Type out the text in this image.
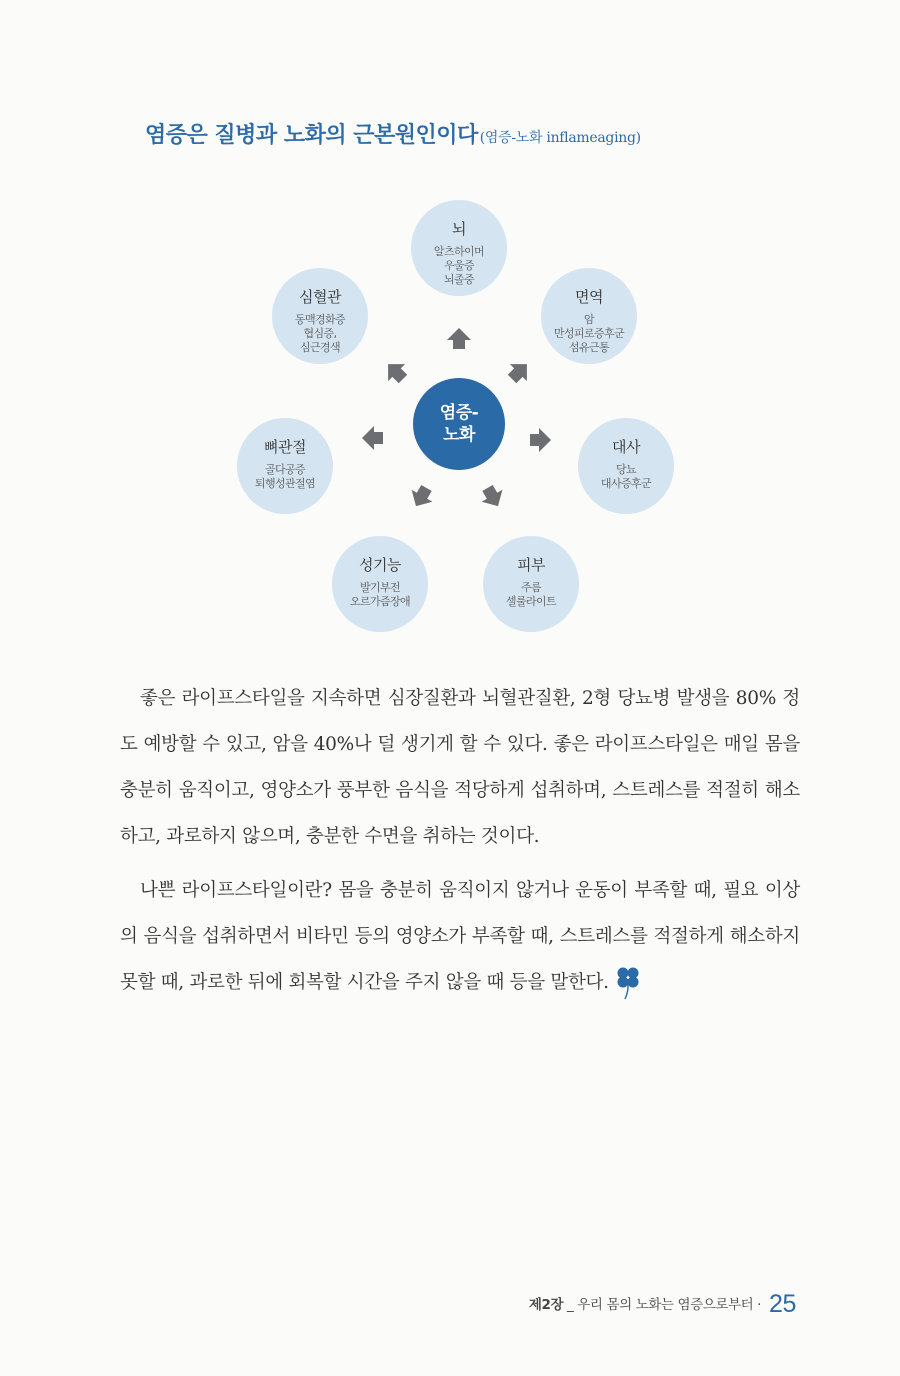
염증은 질병과 노화의 근본원인이다 (염증-노화 inflameaging)
뇌
알츠하이머
우울증
뇌졸중
면역
암
만성피로증후군
섬유근통
대사
당뇨
대사증후군
피부
주름
셀룰라이트
성기능
발기부전
오르가즘장애
뼈관절
골다공증
퇴행성관절염
심혈관
동맥경화증
협심증,
심근경색
염증-
노화

좋은 라이프스타일을 지속하면 심장질환과 뇌혈관질환, 2형 당뇨병 발생을 80% 정도 예방할 수 있고, 암을 40%나 덜 생기게 할 수 있다. 좋은 라이프스타일은 매일 몸을 충분히 움직이고, 영양소가 풍부한 음식을 적당하게 섭취하며, 스트레스를 적절히 해소하고, 과로하지 않으며, 충분한 수면을 취하는 것이다.

나쁜 라이프스타일이란? 몸을 충분히 움직이지 않거나 운동이 부족할 때, 필요 이상의 음식을 섭취하면서 비타민 등의 영양소가 부족할 때, 스트레스를 적절하게 해소하지 못할 때, 과로한 뒤에 회복할 시간을 주지 않을 때 등을 말한다.

제2장 _ 우리 몸의 노화는 염증으로부터 · 25
